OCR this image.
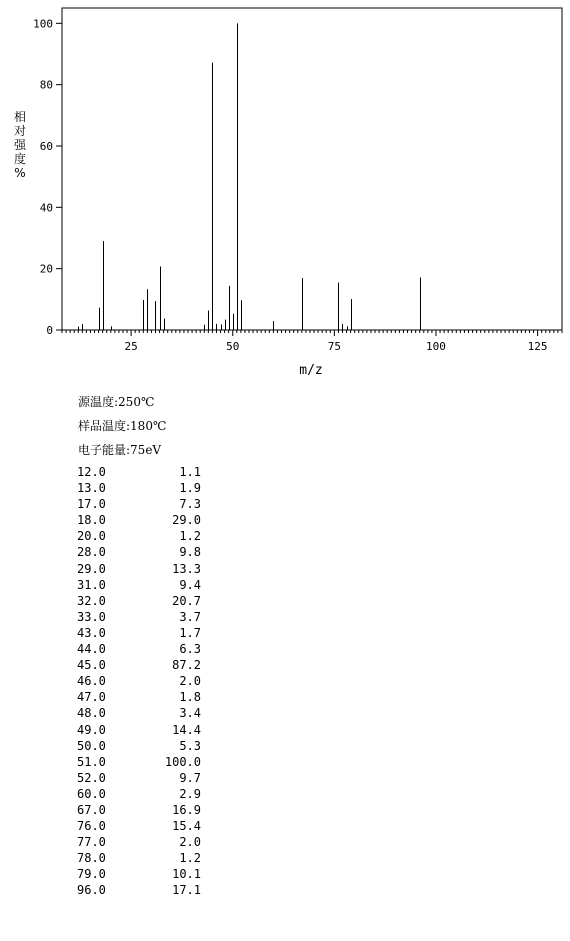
0
20
40
60
80
100
25	50	75	100	125
相对强度%
相
对
强
度
%
m/z
源温度:250℃
样品温度:180℃
电子能量:75eV
12.0	1.1
13.0	1.9
17.0	7.3
18.0	29.0
20.0	1.2
28.0	9.8
29.0	13.3
31.0	9.4
32.0	20.7
33.0	3.7
43.0	1.7
44.0	6.3
45.0	87.2
46.0	2.0
47.0	1.8
48.0	3.4
49.0	14.4
50.0	5.3
51.0	100.0
52.0	9.7
60.0	2.9
67.0	16.9
76.0	15.4
77.0	2.0
78.0	1.2
79.0	10.1
96.0	17.1
